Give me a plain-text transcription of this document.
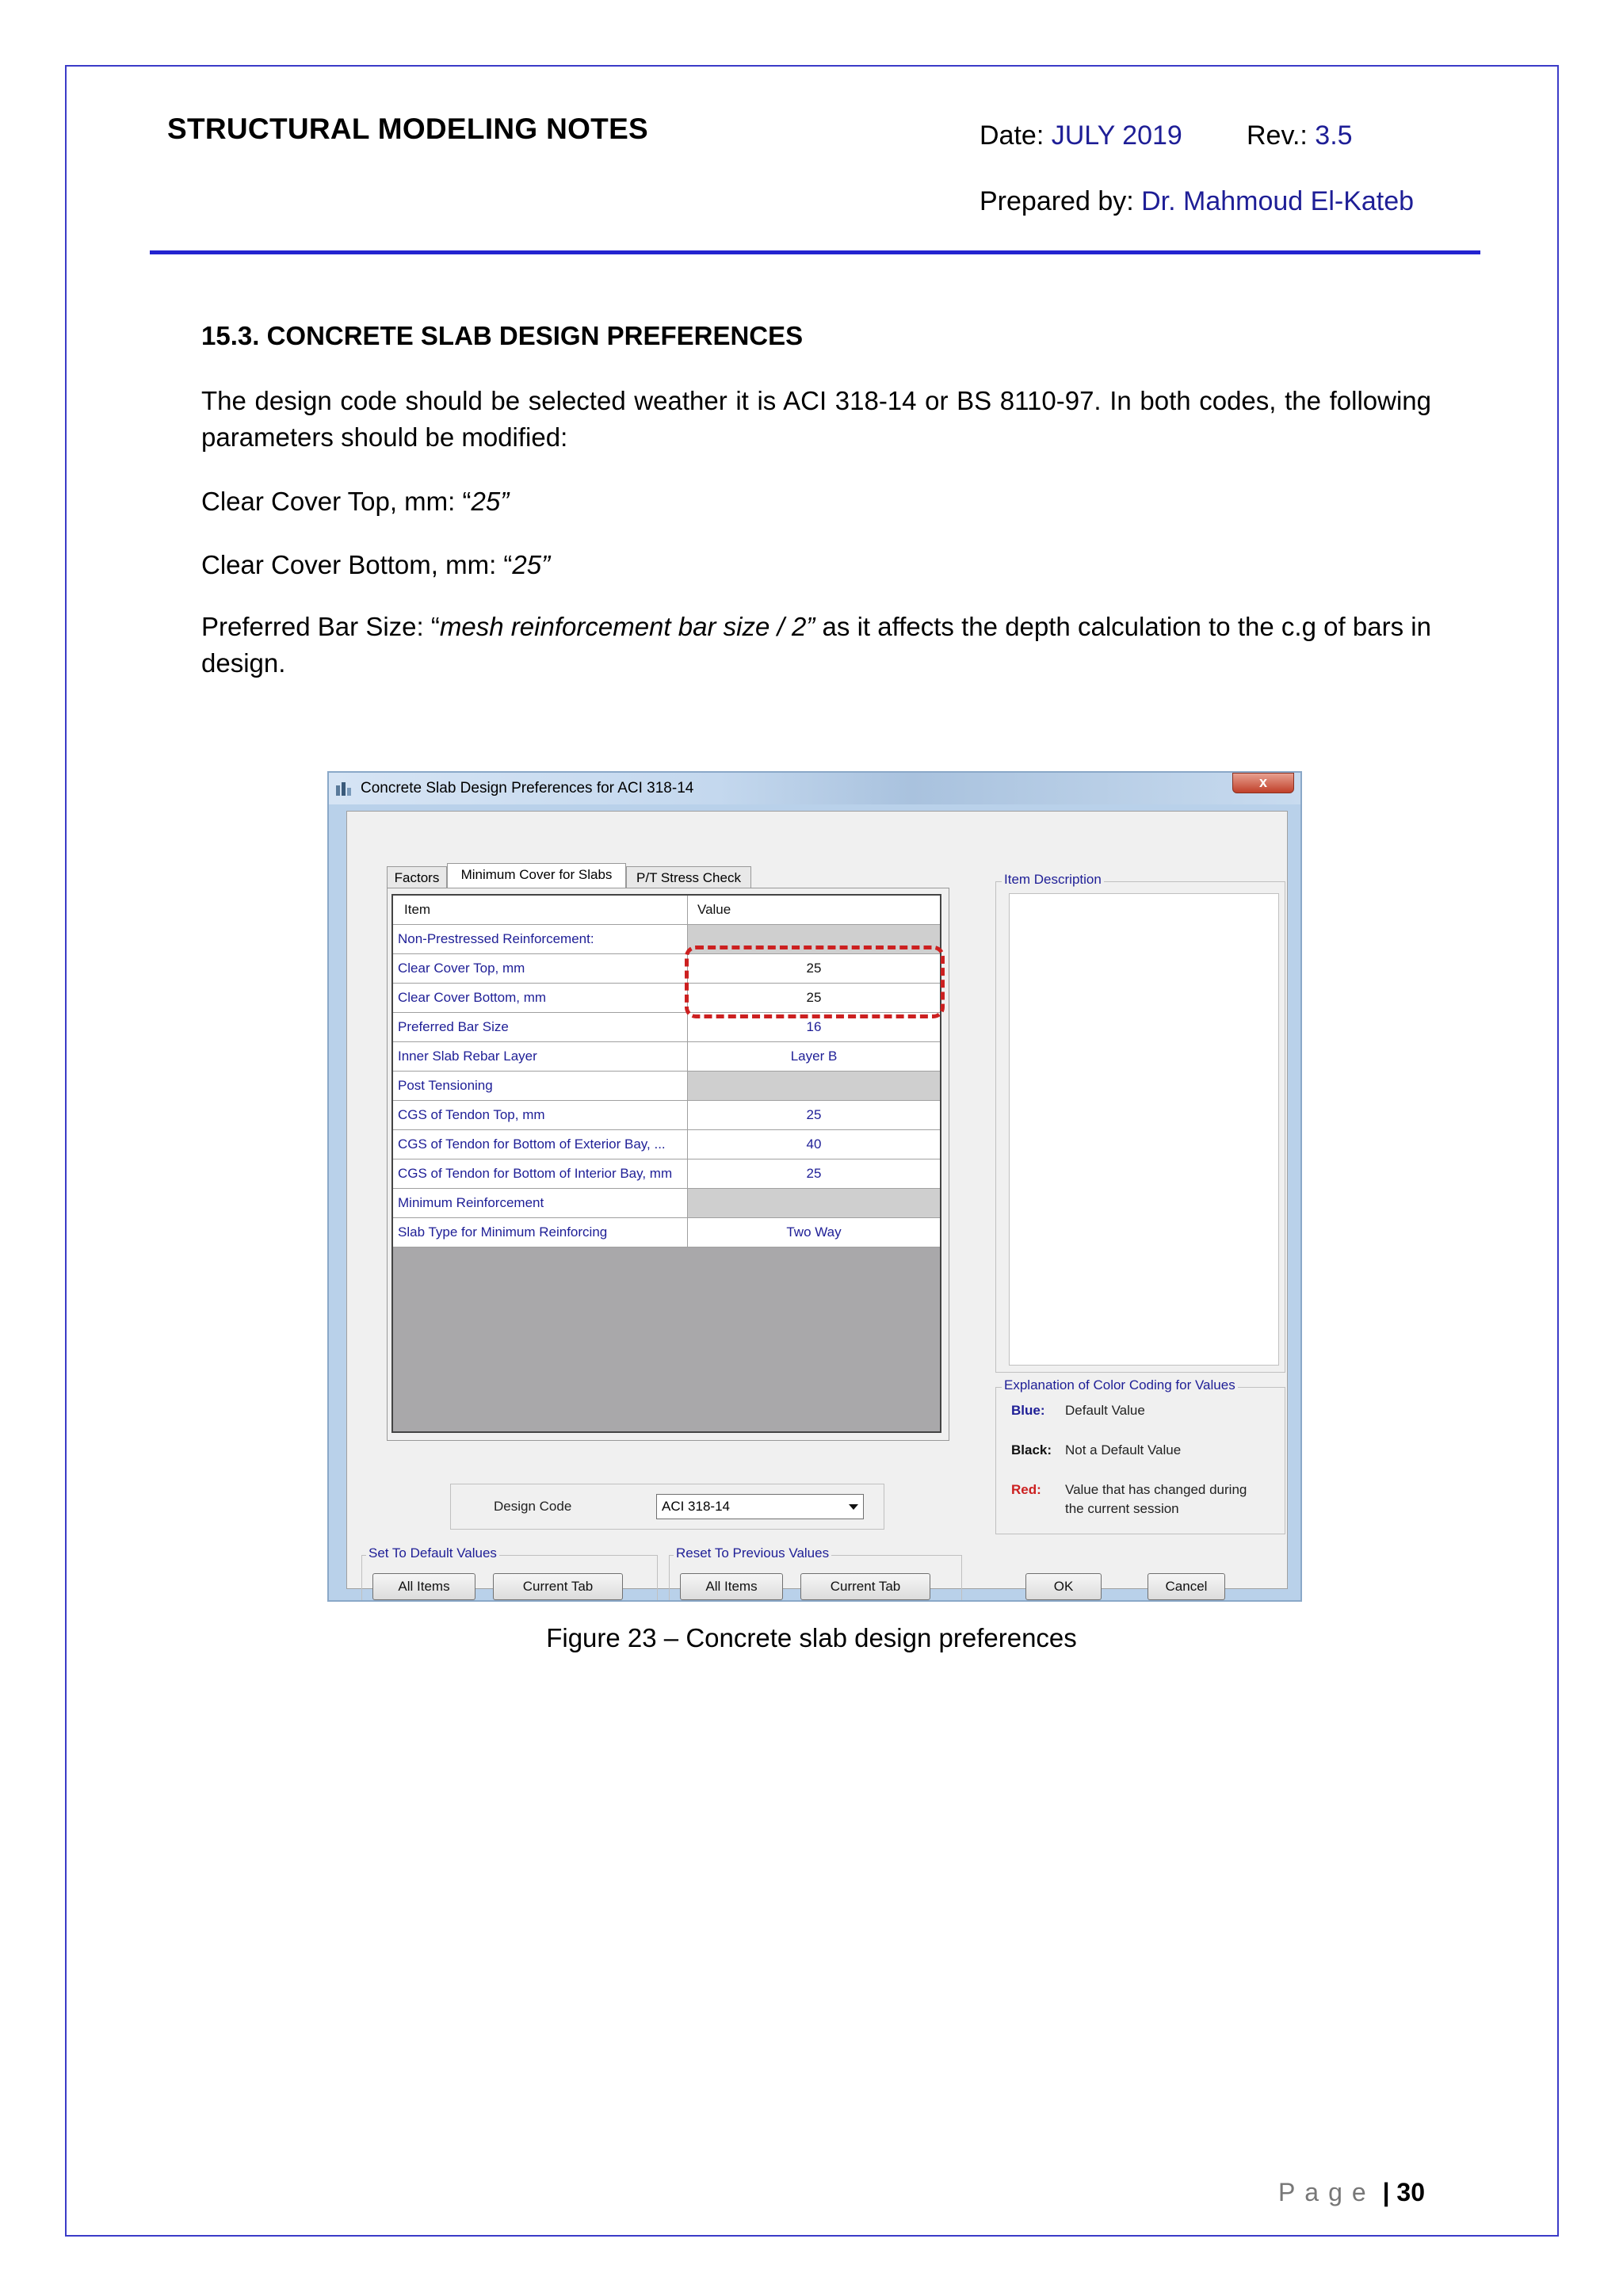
STRUCTURAL MODELING NOTES	Date: JULY 2019 Rev.: 3.5
Prepared by: Dr. Mahmoud El-Kateb
15.3. CONCRETE SLAB DESIGN PREFERENCES
The design code should be selected weather it is ACI 318-14 or BS 8110-97. In both codes, the following parameters should be modified:
Clear Cover Top, mm: “25”
Clear Cover Bottom, mm: “25”
Preferred Bar Size: “mesh reinforcement bar size / 2” as it affects the depth calculation to the c.g of bars in design.
Concrete Slab Design Preferences for ACI 318-14	x
Factors	Minimum Cover for Slabs	P/T Stress Check
Item	Value
Non-Prestressed Reinforcement:
Clear Cover Top, mm	25
Clear Cover Bottom, mm	25
Preferred Bar Size	16
Inner Slab Rebar Layer	Layer B
Post Tensioning
CGS of Tendon Top, mm	25
CGS of Tendon for Bottom of Exterior Bay, ...	40
CGS of Tendon for Bottom of Interior Bay, mm	25
Minimum Reinforcement
Slab Type for Minimum Reinforcing	Two Way
Item Description
Explanation of Color Coding for Values
Blue: Default Value
Black: Not a Default Value
Red: Value that has changed during
the current session
Design Code	ACI 318-14
Set To Default Values
All Items	Current Tab
Reset To Previous Values
All Items	Current Tab	OK	Cancel
Figure 23 – Concrete slab design preferences
Page | 30
